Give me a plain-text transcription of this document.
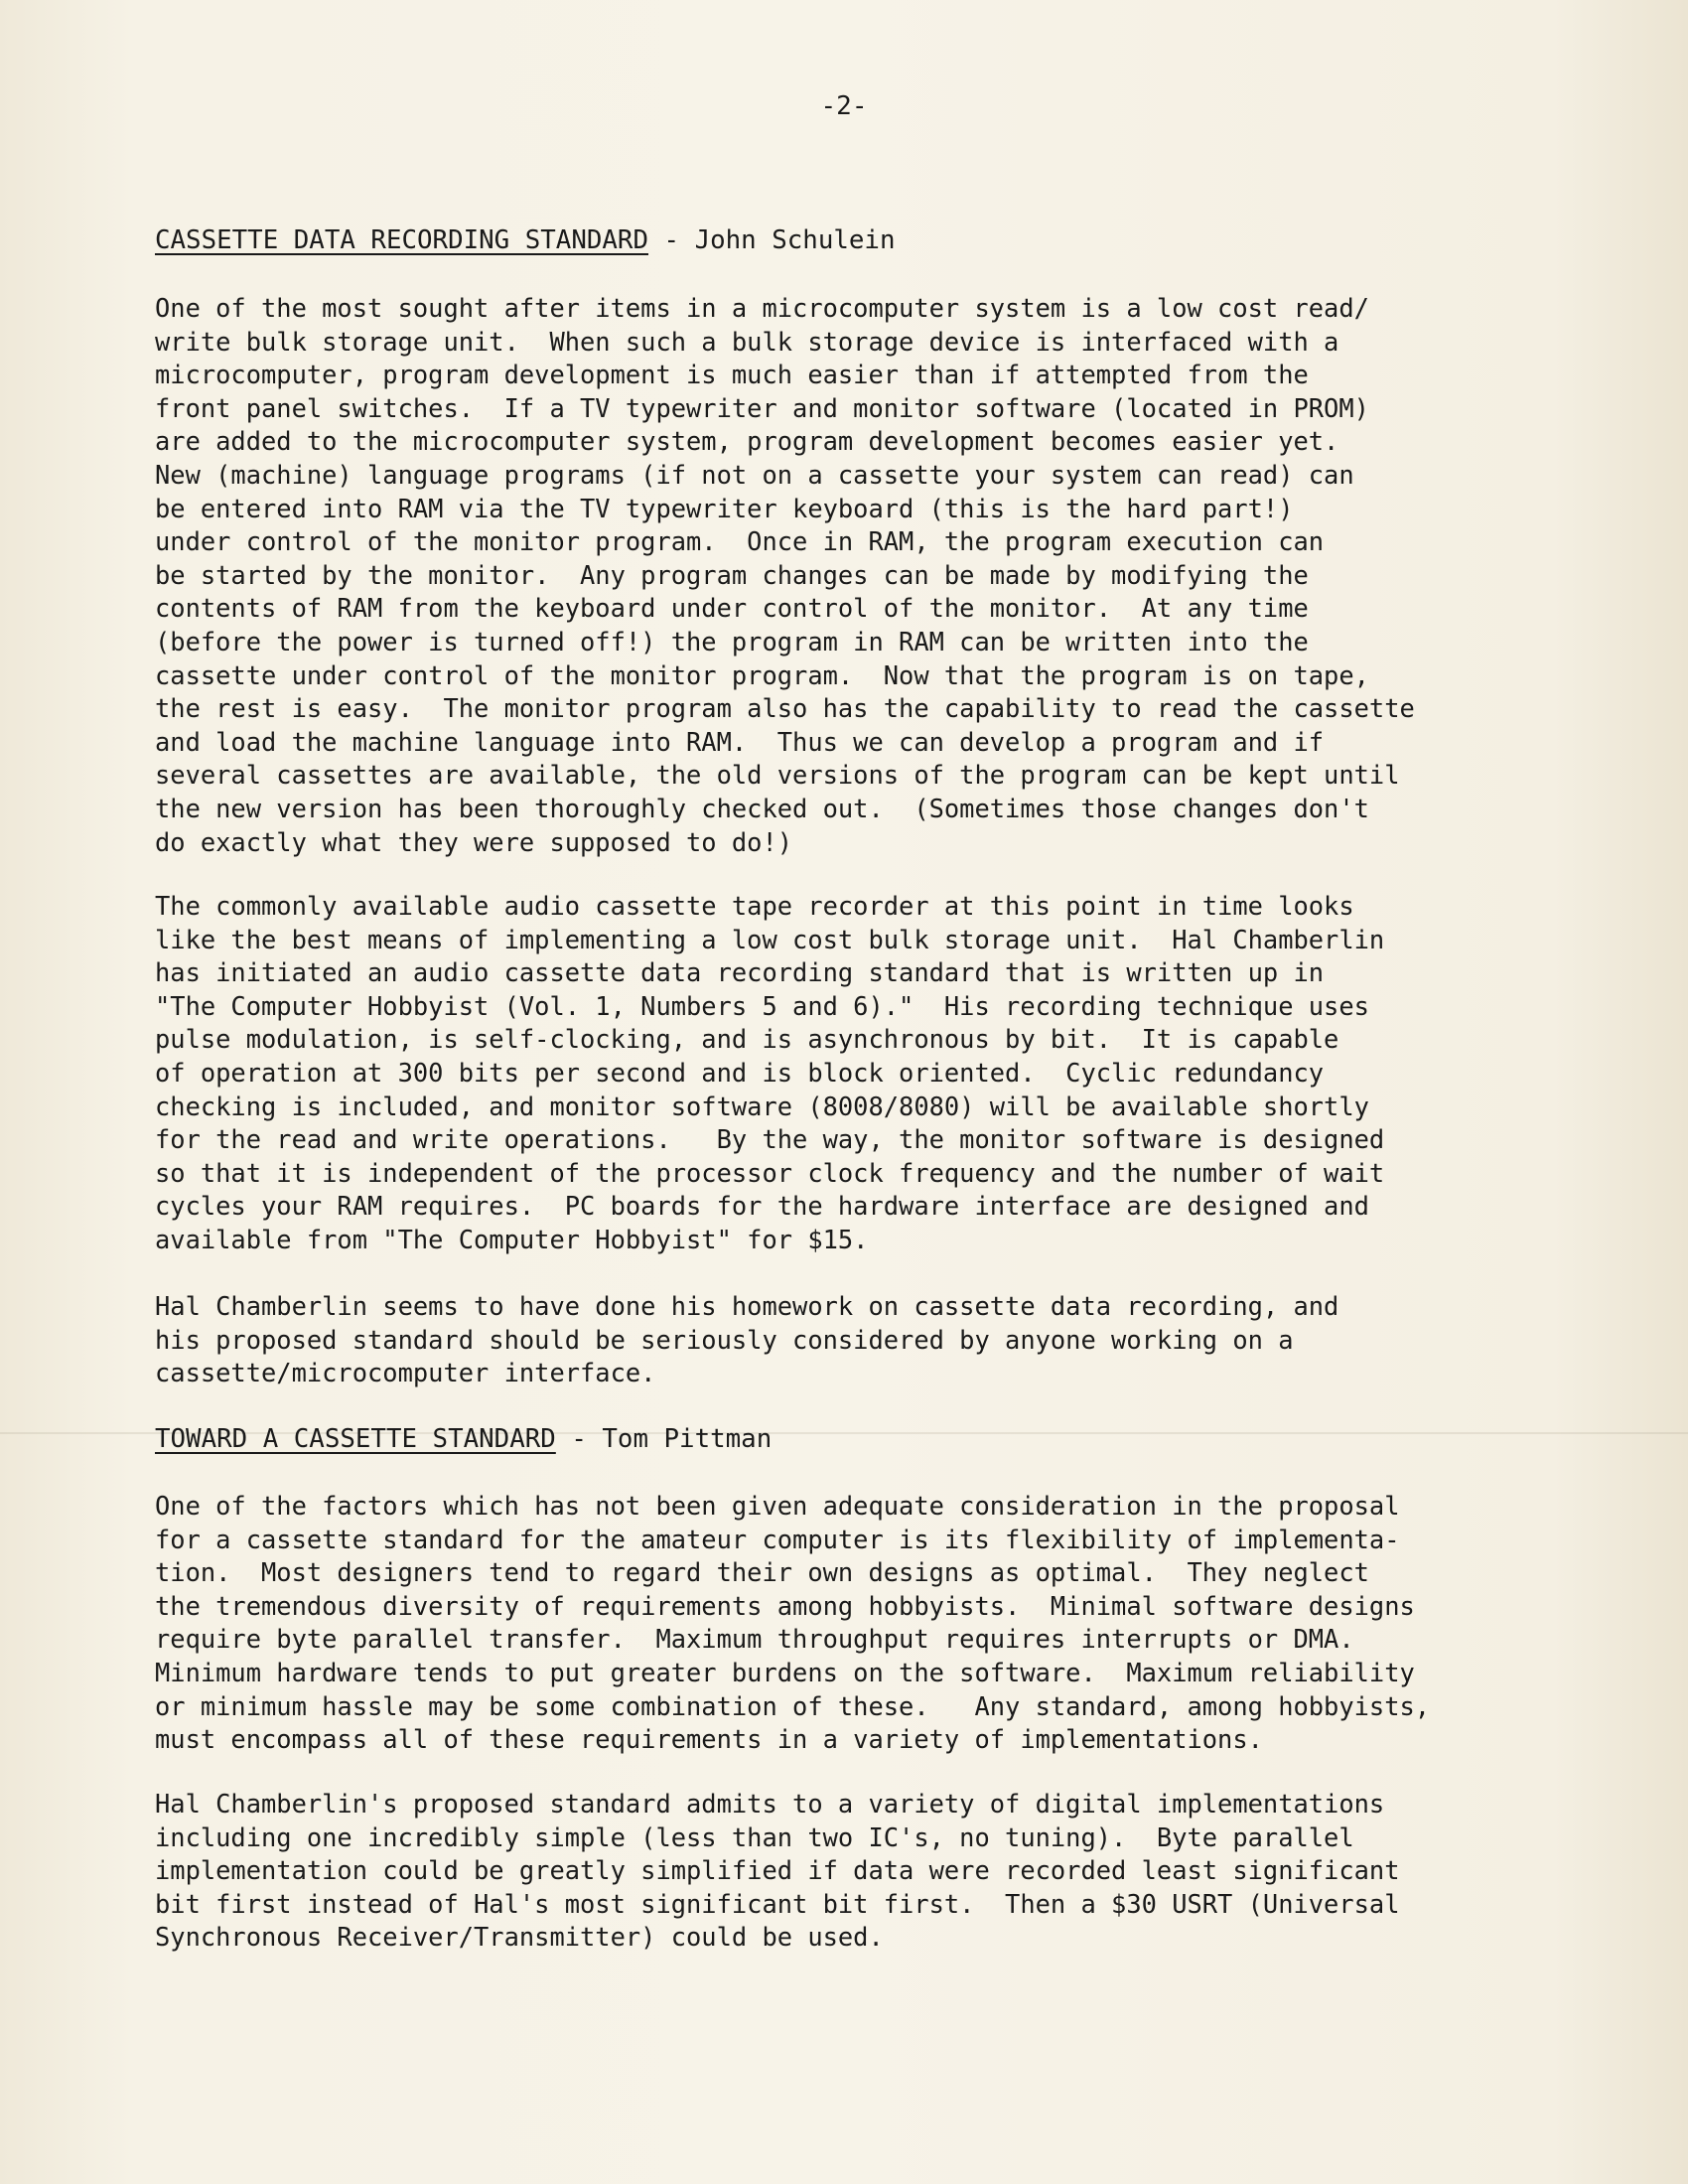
-2-
CASSETTE DATA RECORDING STANDARD - John Schulein
One of the most sought after items in a microcomputer system is a low cost read/
write bulk storage unit.  When such a bulk storage device is interfaced with a
microcomputer, program development is much easier than if attempted from the
front panel switches.  If a TV typewriter and monitor software (located in PROM)
are added to the microcomputer system, program development becomes easier yet.
New (machine) language programs (if not on a cassette your system can read) can
be entered into RAM via the TV typewriter keyboard (this is the hard part!)
under control of the monitor program.  Once in RAM, the program execution can
be started by the monitor.  Any program changes can be made by modifying the
contents of RAM from the keyboard under control of the monitor.  At any time
(before the power is turned off!) the program in RAM can be written into the
cassette under control of the monitor program.  Now that the program is on tape,
the rest is easy.  The monitor program also has the capability to read the cassette
and load the machine language into RAM.  Thus we can develop a program and if
several cassettes are available, the old versions of the program can be kept until
the new version has been thoroughly checked out.  (Sometimes those changes don't
do exactly what they were supposed to do!)
The commonly available audio cassette tape recorder at this point in time looks
like the best means of implementing a low cost bulk storage unit.  Hal Chamberlin
has initiated an audio cassette data recording standard that is written up in
"The Computer Hobbyist (Vol. 1, Numbers 5 and 6)."  His recording technique uses
pulse modulation, is self-clocking, and is asynchronous by bit.  It is capable
of operation at 300 bits per second and is block oriented.  Cyclic redundancy
checking is included, and monitor software (8008/8080) will be available shortly
for the read and write operations.   By the way, the monitor software is designed
so that it is independent of the processor clock frequency and the number of wait
cycles your RAM requires.  PC boards for the hardware interface are designed and
available from "The Computer Hobbyist" for $15.
Hal Chamberlin seems to have done his homework on cassette data recording, and
his proposed standard should be seriously considered by anyone working on a
cassette/microcomputer interface.
TOWARD A CASSETTE STANDARD - Tom Pittman
One of the factors which has not been given adequate consideration in the proposal
for a cassette standard for the amateur computer is its flexibility of implementa-
tion.  Most designers tend to regard their own designs as optimal.  They neglect
the tremendous diversity of requirements among hobbyists.  Minimal software designs
require byte parallel transfer.  Maximum throughput requires interrupts or DMA.
Minimum hardware tends to put greater burdens on the software.  Maximum reliability
or minimum hassle may be some combination of these.   Any standard, among hobbyists,
must encompass all of these requirements in a variety of implementations.
Hal Chamberlin's proposed standard admits to a variety of digital implementations
including one incredibly simple (less than two IC's, no tuning).  Byte parallel
implementation could be greatly simplified if data were recorded least significant
bit first instead of Hal's most significant bit first.  Then a $30 USRT (Universal
Synchronous Receiver/Transmitter) could be used.
